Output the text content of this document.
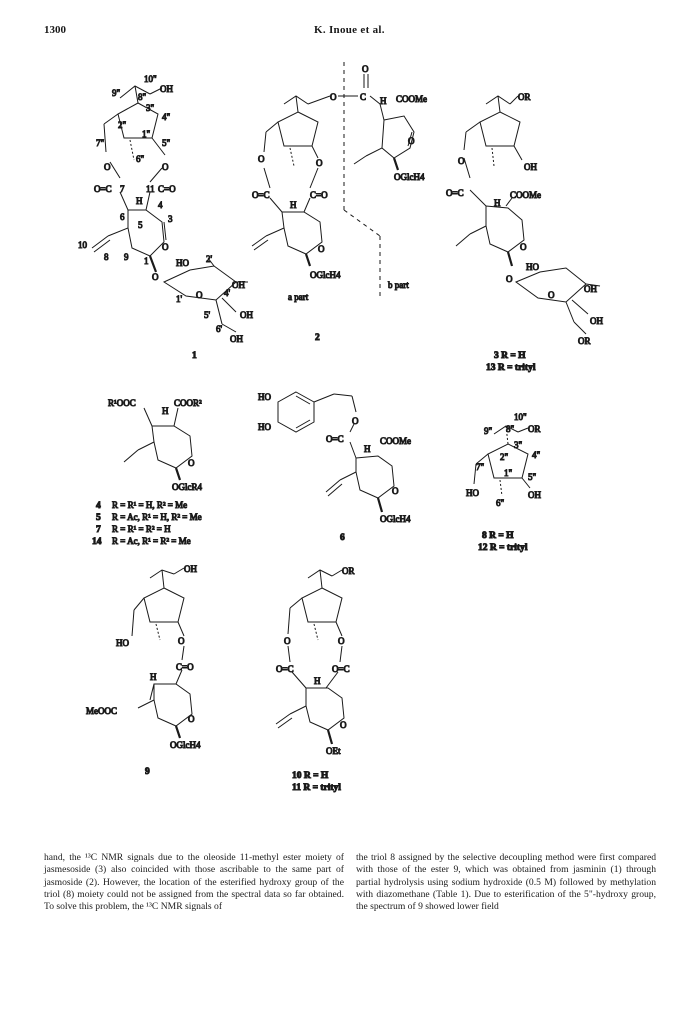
1300	K. Inoue et al.
10"
OH
9" 8"
3"
4"
2"
1"
5"
7"
6"
O	O
O=C	11 C=O
7
H
6
4
5
3
O
10
8 9 1
O
HO 2'
OH
4'
1' O
OH
5'
6'
OH
1
O	C
O
H COOMe
O
OGlcH4
O	O
O=C	C=O
H
O
OGlcH4
a part
b part
2
OR
O
OH
O=C
H
COOMe
O
O
HO
OH
O
OH
OR
3 R = H
13 R = trityl
R¹OOC
H
COOR²
O
OGlcR4
4 R = R¹ = H, R² = Me
5 R = Ac, R¹ = H, R² = Me
7 R = R¹ = R² = H
14 R = Ac, R¹ = R² = Me
HO
HO
O
O=C
H
COOMe
O
OGlcH4
6
10"
OR
9" 8"
3"
4"
2"
7"
1" 5"
HO	OH
6"
8 R = H
12 R = trityl
OH
HO	O
C=O
H
MeOOC
O
OGlcH4
9
OR
O	O
O=C	O=C
H
O
OEt
10 R = H
11 R = trityl
hand, the ¹³C NMR signals due to the oleoside 11-methyl ester moiety of jasmesoside (3) also coincided with those ascribable to the same part of jasmoside (2). However, the location of the esterified hydroxy group of the triol (8) moiety could not be assigned from the spectral data so far obtained. To solve this problem, the ¹³C NMR signals of
the triol 8 assigned by the selective decoupling method were first compared with those of the ester 9, which was obtained from jasminin (1) through partial hydrolysis using sodium hydroxide (0.5 M) followed by methylation with diazomethane (Table 1). Due to esterification of the 5"-hydroxy group, the spectrum of 9 showed lower field
